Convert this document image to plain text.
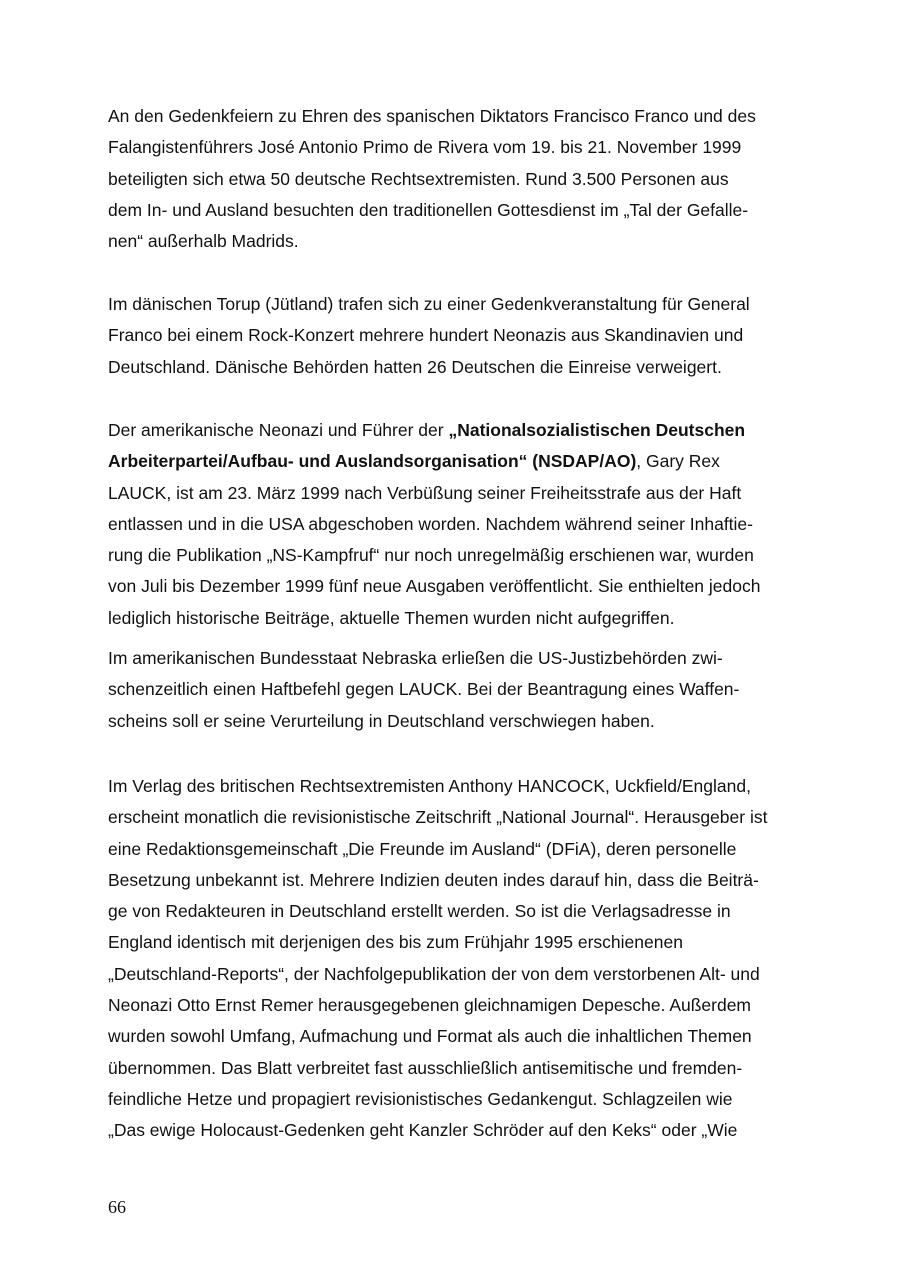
An den Gedenkfeiern zu Ehren des spanischen Diktators Francisco Franco und des
Falangistenführers José Antonio Primo de Rivera vom 19. bis 21. November 1999
beteiligten sich etwa 50 deutsche Rechtsextremisten. Rund 3.500 Personen aus
dem In- und Ausland besuchten den traditionellen Gottesdienst im „Tal der Gefalle-
nen“ außerhalb Madrids.
Im dänischen Torup (Jütland) trafen sich zu einer Gedenkveranstaltung für General
Franco bei einem Rock-Konzert mehrere hundert Neonazis aus Skandinavien und
Deutschland. Dänische Behörden hatten 26 Deutschen die Einreise verweigert.
Der amerikanische Neonazi und Führer der „Nationalsozialistischen Deutschen
Arbeiterpartei/Aufbau- und Auslandsorganisation“ (NSDAP/AO), Gary Rex
LAUCK, ist am 23. März 1999 nach Verbüßung seiner Freiheitsstrafe aus der Haft
entlassen und in die USA abgeschoben worden. Nachdem während seiner Inhaftie-
rung die Publikation „NS-Kampfruf“ nur noch unregelmäßig erschienen war, wurden
von Juli bis Dezember 1999 fünf neue Ausgaben veröffentlicht. Sie enthielten jedoch
lediglich historische Beiträge, aktuelle Themen wurden nicht aufgegriffen.
Im amerikanischen Bundesstaat Nebraska erließen die US-Justizbehörden zwi-
schenzeitlich einen Haftbefehl gegen LAUCK. Bei der Beantragung eines Waffen-
scheins soll er seine Verurteilung in Deutschland verschwiegen haben.
Im Verlag des britischen Rechtsextremisten Anthony HANCOCK, Uckfield/England,
erscheint monatlich die revisionistische Zeitschrift „National Journal“. Herausgeber ist
eine Redaktionsgemeinschaft „Die Freunde im Ausland“ (DFiA), deren personelle
Besetzung unbekannt ist. Mehrere Indizien deuten indes darauf hin, dass die Beiträ-
ge von Redakteuren in Deutschland erstellt werden. So ist die Verlagsadresse in
England identisch mit derjenigen des bis zum Frühjahr 1995 erschienenen
„Deutschland-Reports“, der Nachfolgepublikation der von dem verstorbenen Alt- und
Neonazi Otto Ernst Remer herausgegebenen gleichnamigen Depesche. Außerdem
wurden sowohl Umfang, Aufmachung und Format als auch die inhaltlichen Themen
übernommen. Das Blatt verbreitet fast ausschließlich antisemitische und fremden-
feindliche Hetze und propagiert revisionistisches Gedankengut. Schlagzeilen wie
„Das ewige Holocaust-Gedenken geht Kanzler Schröder auf den Keks“ oder „Wie
66
